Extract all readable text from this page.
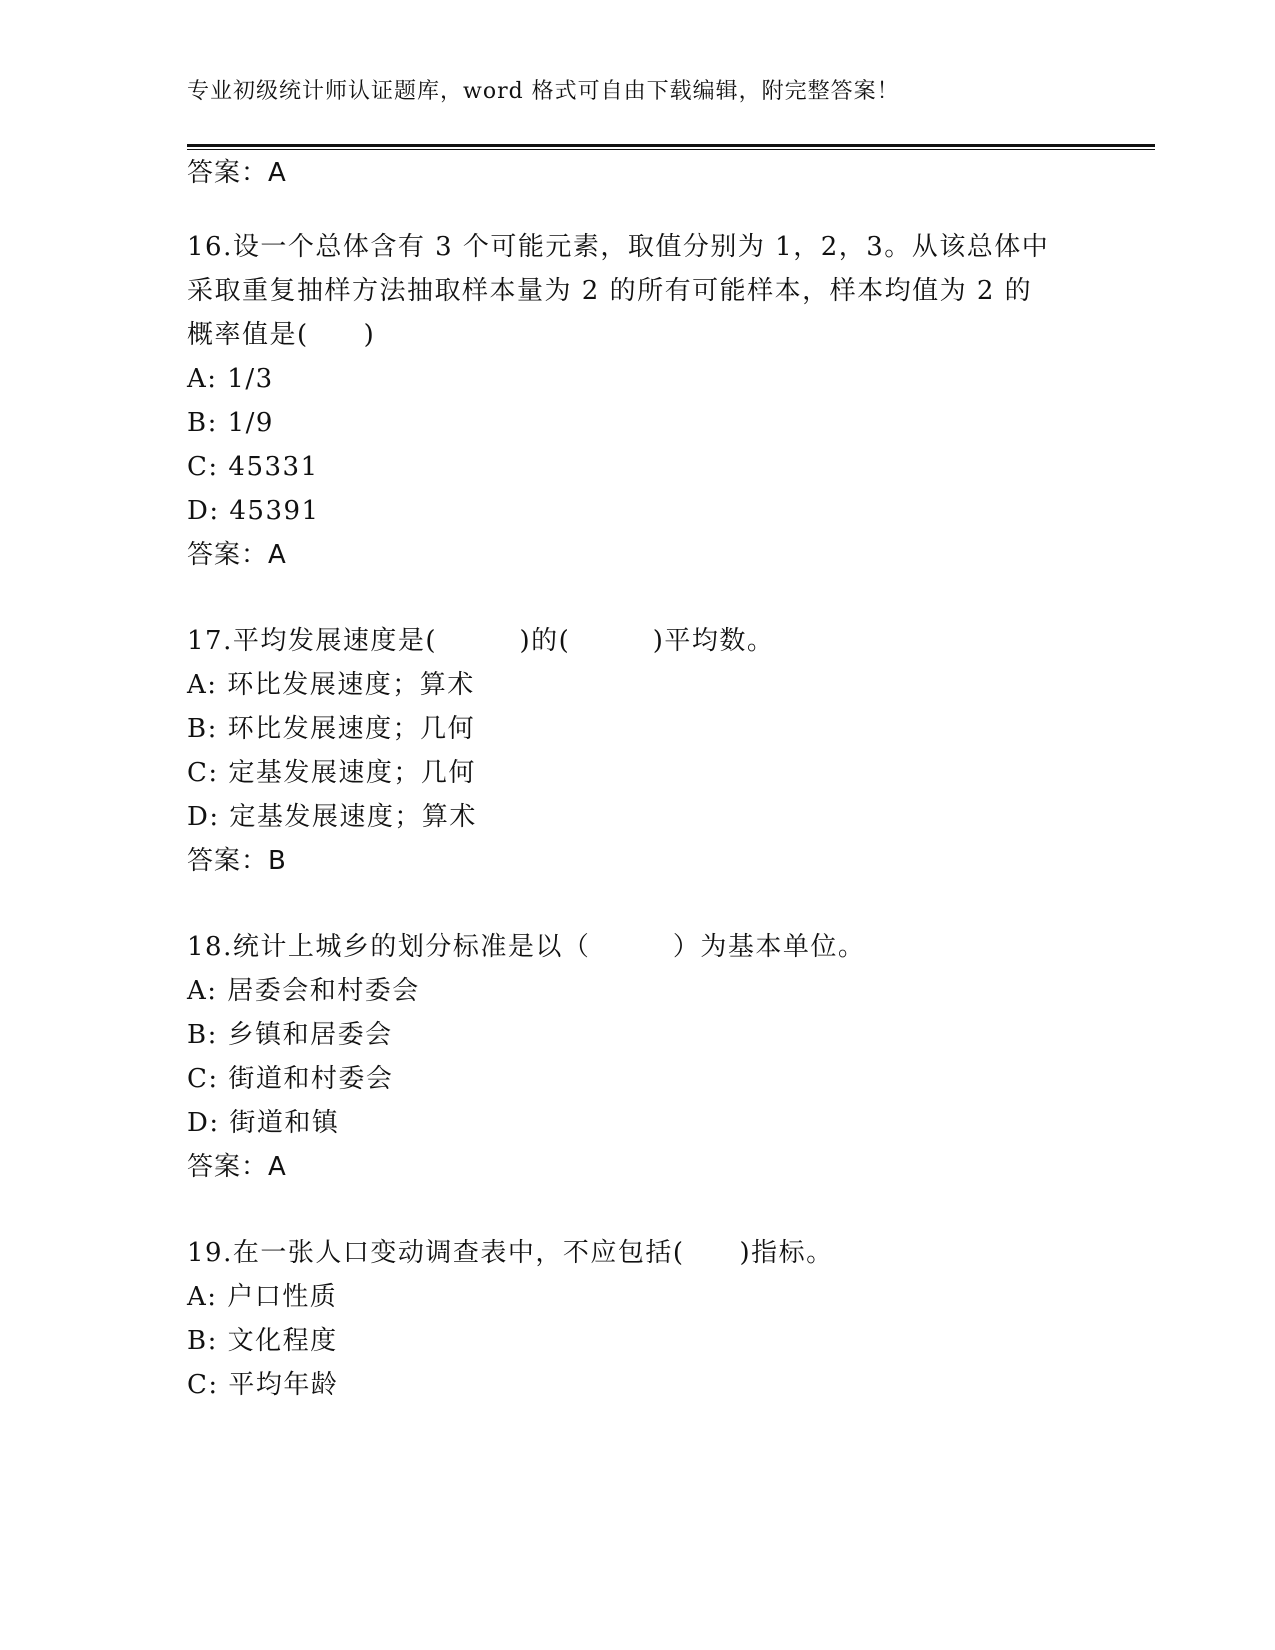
专业初级统计师认证题库，word 格式可自由下载编辑，附完整答案！
答案：A
16.设一个总体含有 3 个可能元素，取值分别为 1，2，3。从该总体中
采取重复抽样方法抽取样本量为 2 的所有可能样本，样本均值为 2 的
概率值是(　　)
A: 1/3
B: 1/9
C: 45331
D: 45391
答案：A
17.平均发展速度是(　　　)的(　　　)平均数。
A: 环比发展速度；算术
B: 环比发展速度；几何
C: 定基发展速度；几何
D: 定基发展速度；算术
答案：B
18.统计上城乡的划分标准是以（　　　）为基本单位。
A: 居委会和村委会
B: 乡镇和居委会
C: 街道和村委会
D: 街道和镇
答案：A
19.在一张人口变动调查表中，不应包括(　　)指标。
A: 户口性质
B: 文化程度
C: 平均年龄
